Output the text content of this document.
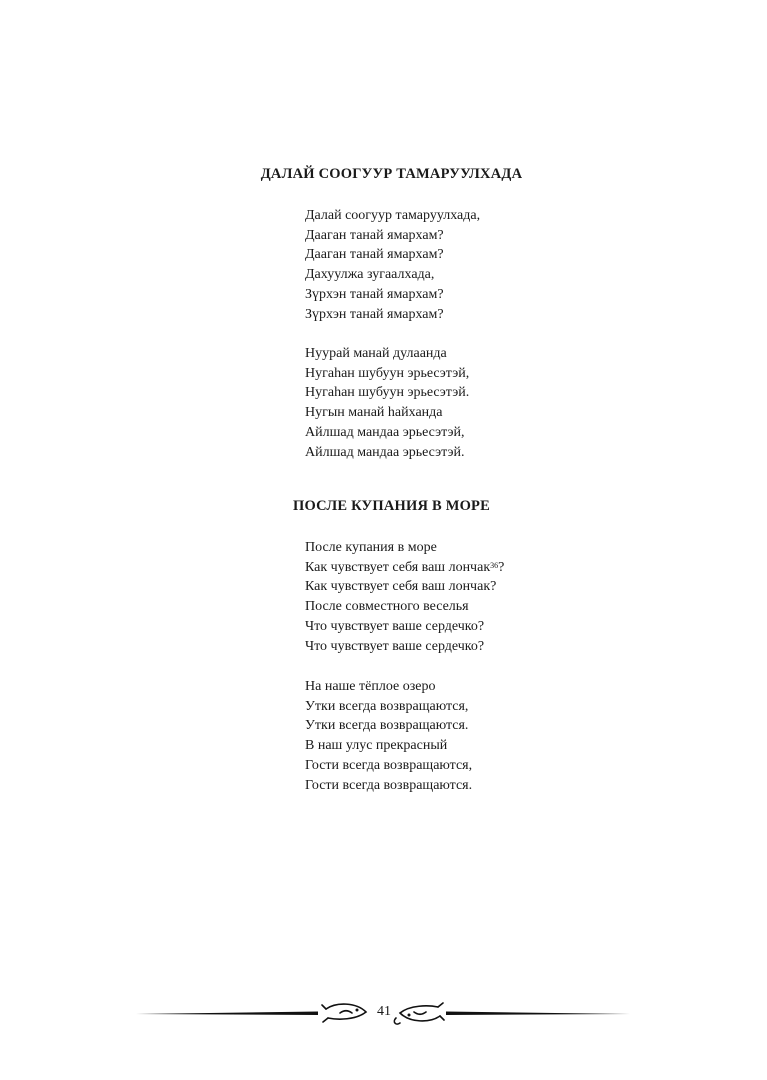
ДАЛАЙ СООГУУР ТАМАРУУЛХАДА

Далай соогуур тамаруулхада,
Дааган танай ямархам?
Дааган танай ямархам?
Дахуулжа зугаалхада,
Зүрхэн танай ямархам?
Зүрхэн танай ямархам?

Нуурай манай дулаанда
Нугаһан шубуун эрьесэтэй,
Нугаһан шубуун эрьесэтэй.
Нугын манай һайханда
Айлшад мандаа эрьесэтэй,
Айлшад мандаа эрьесэтэй.

ПОСЛЕ КУПАНИЯ В МОРЕ

После купания в море
Как чувствует себя ваш лончак$^{36}$?
Как чувствует себя ваш лончак?
После совместного веселья
Что чувствует ваше сердечко?
Что чувствует ваше сердечко?

На наше тёплое озеро
Утки всегда возвращаются,
Утки всегда возвращаются.
В наш улус прекрасный
Гости всегда возвращаются,
Гости всегда возвращаются.

41
